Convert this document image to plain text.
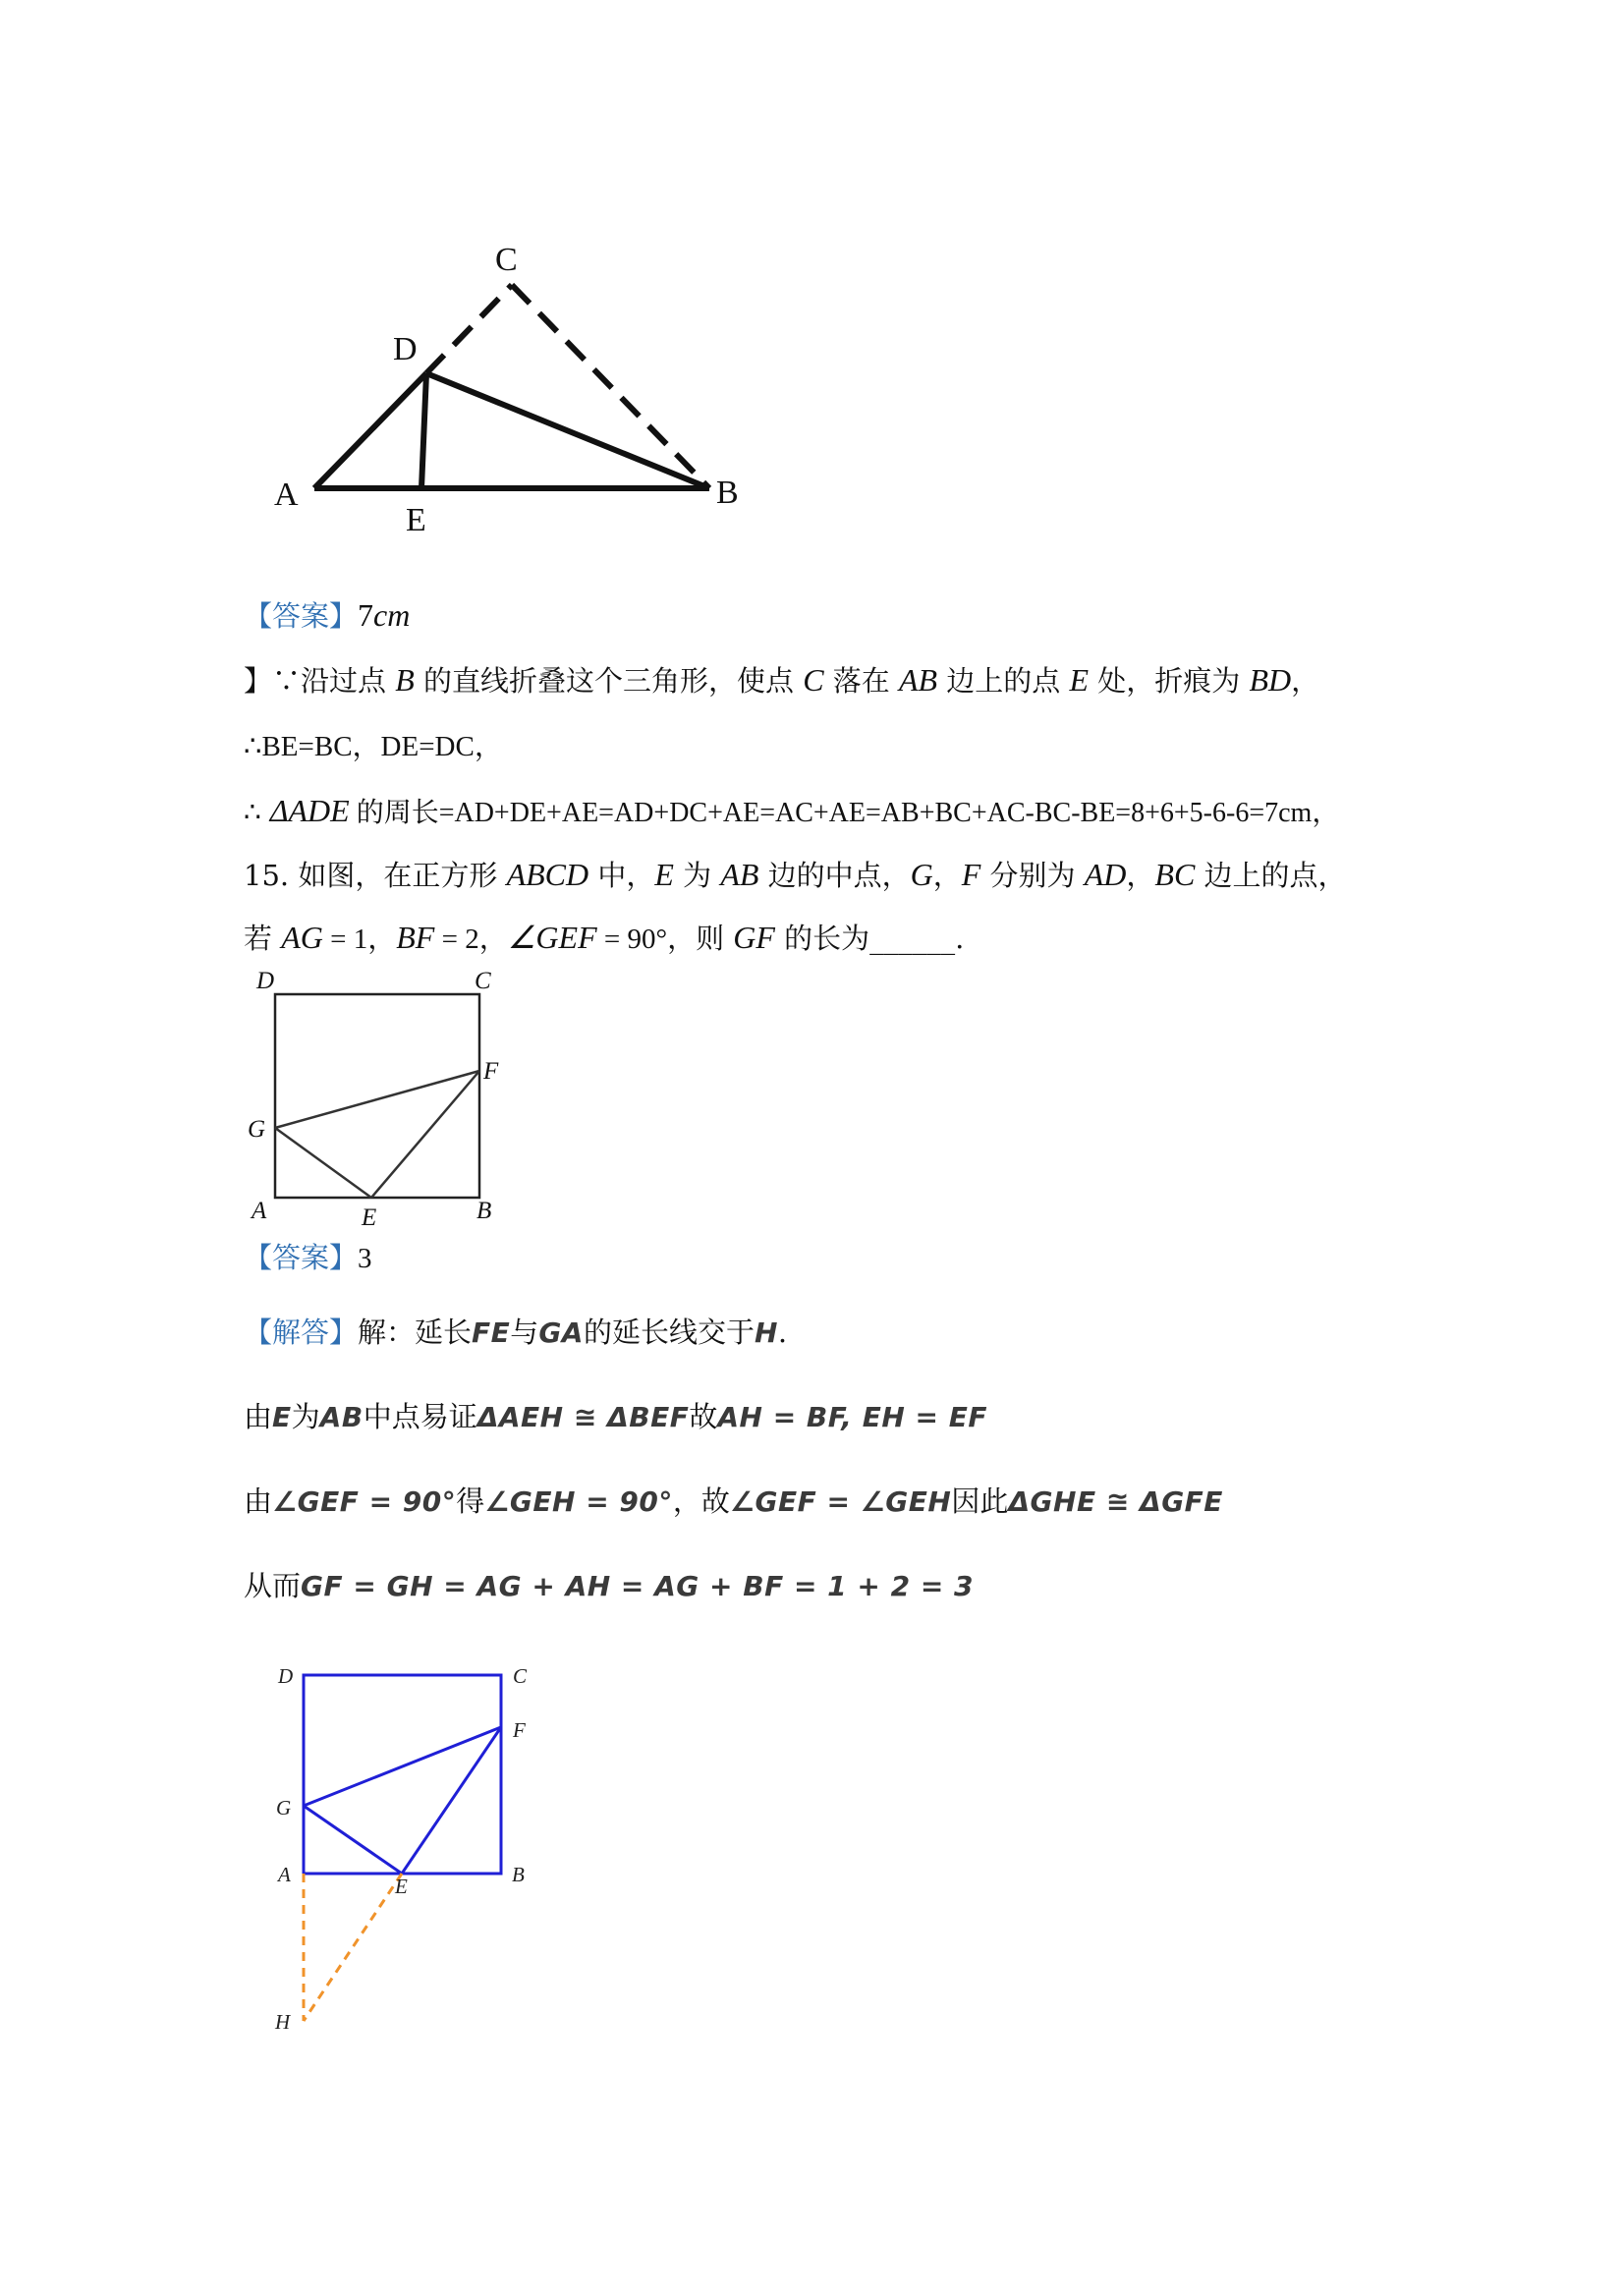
C
D
A
E
B
【答案】7cm
】∵沿过点 B 的直线折叠这个三角形，使点 C 落在 AB 边上的点 E 处，折痕为 BD，
∴BE=BC，DE=DC，
∴ ΔADE 的周长=AD+DE+AE=AD+DC+AE=AC+AE=AB+BC+AC-BC-BE=8+6+5-6-6=7cm，
15. 如图，在正方形 ABCD 中，E 为 AB 边的中点，G，F 分别为 AD，BC 边上的点，
若 AG = 1，BF = 2，∠GEF = 90°，则 GF 的长为______.
D	C
F
G
A	E	B
【答案】3
【解答】解：延长FE与GA的延长线交于H.
由E为AB中点易证ΔAEH ≅ ΔBEF故AH = BF, EH = EF
由∠GEF = 90°得∠GEH = 90°，故∠GEF = ∠GEH因此ΔGHE ≅ ΔGFE
从而GF = GH = AG + AH = AG + BF = 1 + 2 = 3
D	C
F
G
A	E	B
H
